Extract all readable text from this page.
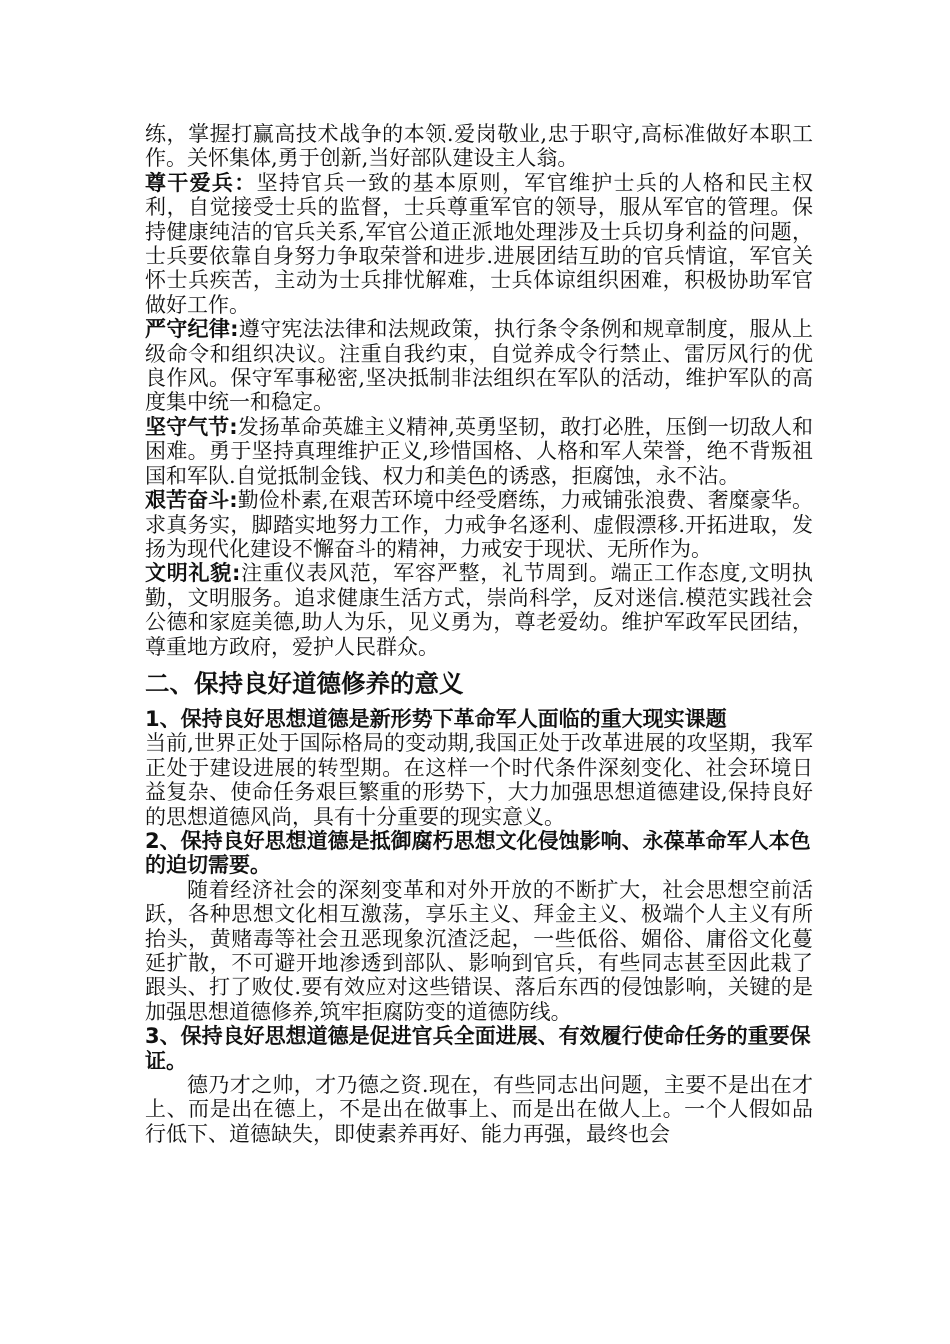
练，掌握打赢高技术战争的本领.爱岗敬业,忠于职守,高标准做好本职工作。关怀集体,勇于创新,当好部队建设主人翁。

尊干爱兵：坚持官兵一致的基本原则，军官维护士兵的人格和民主权利，自觉接受士兵的监督，士兵尊重军官的领导，服从军官的管理。保持健康纯洁的官兵关系,军官公道正派地处理涉及士兵切身利益的问题，士兵要依靠自身努力争取荣誉和进步.进展团结互助的官兵情谊，军官关怀士兵疾苦，主动为士兵排忧解难，士兵体谅组织困难，积极协助军官做好工作。

严守纪律:遵守宪法法律和法规政策，执行条令条例和规章制度，服从上级命令和组织决议。注重自我约束，自觉养成令行禁止、雷厉风行的优良作风。保守军事秘密,坚决抵制非法组织在军队的活动，维护军队的高度集中统一和稳定。

坚守气节:发扬革命英雄主义精神,英勇坚韧，敢打必胜，压倒一切敌人和困难。勇于坚持真理维护正义,珍惜国格、人格和军人荣誉，绝不背叛祖国和军队.自觉抵制金钱、权力和美色的诱惑，拒腐蚀，永不沾。

艰苦奋斗:勤俭朴素,在艰苦环境中经受磨练，力戒铺张浪费、奢糜豪华。求真务实，脚踏实地努力工作，力戒争名逐利、虚假漂移.开拓进取，发扬为现代化建设不懈奋斗的精神，力戒安于现状、无所作为。

文明礼貌:注重仪表风范，军容严整，礼节周到。端正工作态度,文明执勤，文明服务。追求健康生活方式，崇尚科学，反对迷信.模范实践社会公德和家庭美德,助人为乐，见义勇为，尊老爱幼。维护军政军民团结，尊重地方政府，爱护人民群众。

二、保持良好道德修养的意义
1、保持良好思想道德是新形势下革命军人面临的重大现实课题

当前,世界正处于国际格局的变动期,我国正处于改革进展的攻坚期，我军正处于建设进展的转型期。在这样一个时代条件深刻变化、社会环境日益复杂、使命任务艰巨繁重的形势下，大力加强思想道德建设,保持良好的思想道德风尚，具有十分重要的现实意义。

2、保持良好思想道德是抵御腐朽思想文化侵蚀影响、永葆革命军人本色的迫切需要。

随着经济社会的深刻变革和对外开放的不断扩大，社会思想空前活跃，各种思想文化相互激荡，享乐主义、拜金主义、极端个人主义有所抬头，黄赌毒等社会丑恶现象沉渣泛起，一些低俗、媚俗、庸俗文化蔓延扩散，不可避开地渗透到部队、影响到官兵，有些同志甚至因此栽了跟头、打了败仗.要有效应对这些错误、落后东西的侵蚀影响，关键的是加强思想道德修养,筑牢拒腐防变的道德防线。

3、保持良好思想道德是促进官兵全面进展、有效履行使命任务的重要保证。

德乃才之帅，才乃德之资.现在，有些同志出问题，主要不是出在才上、而是出在德上，不是出在做事上、而是出在做人上。一个人假如品行低下、道德缺失，即使素养再好、能力再强，最终也会
